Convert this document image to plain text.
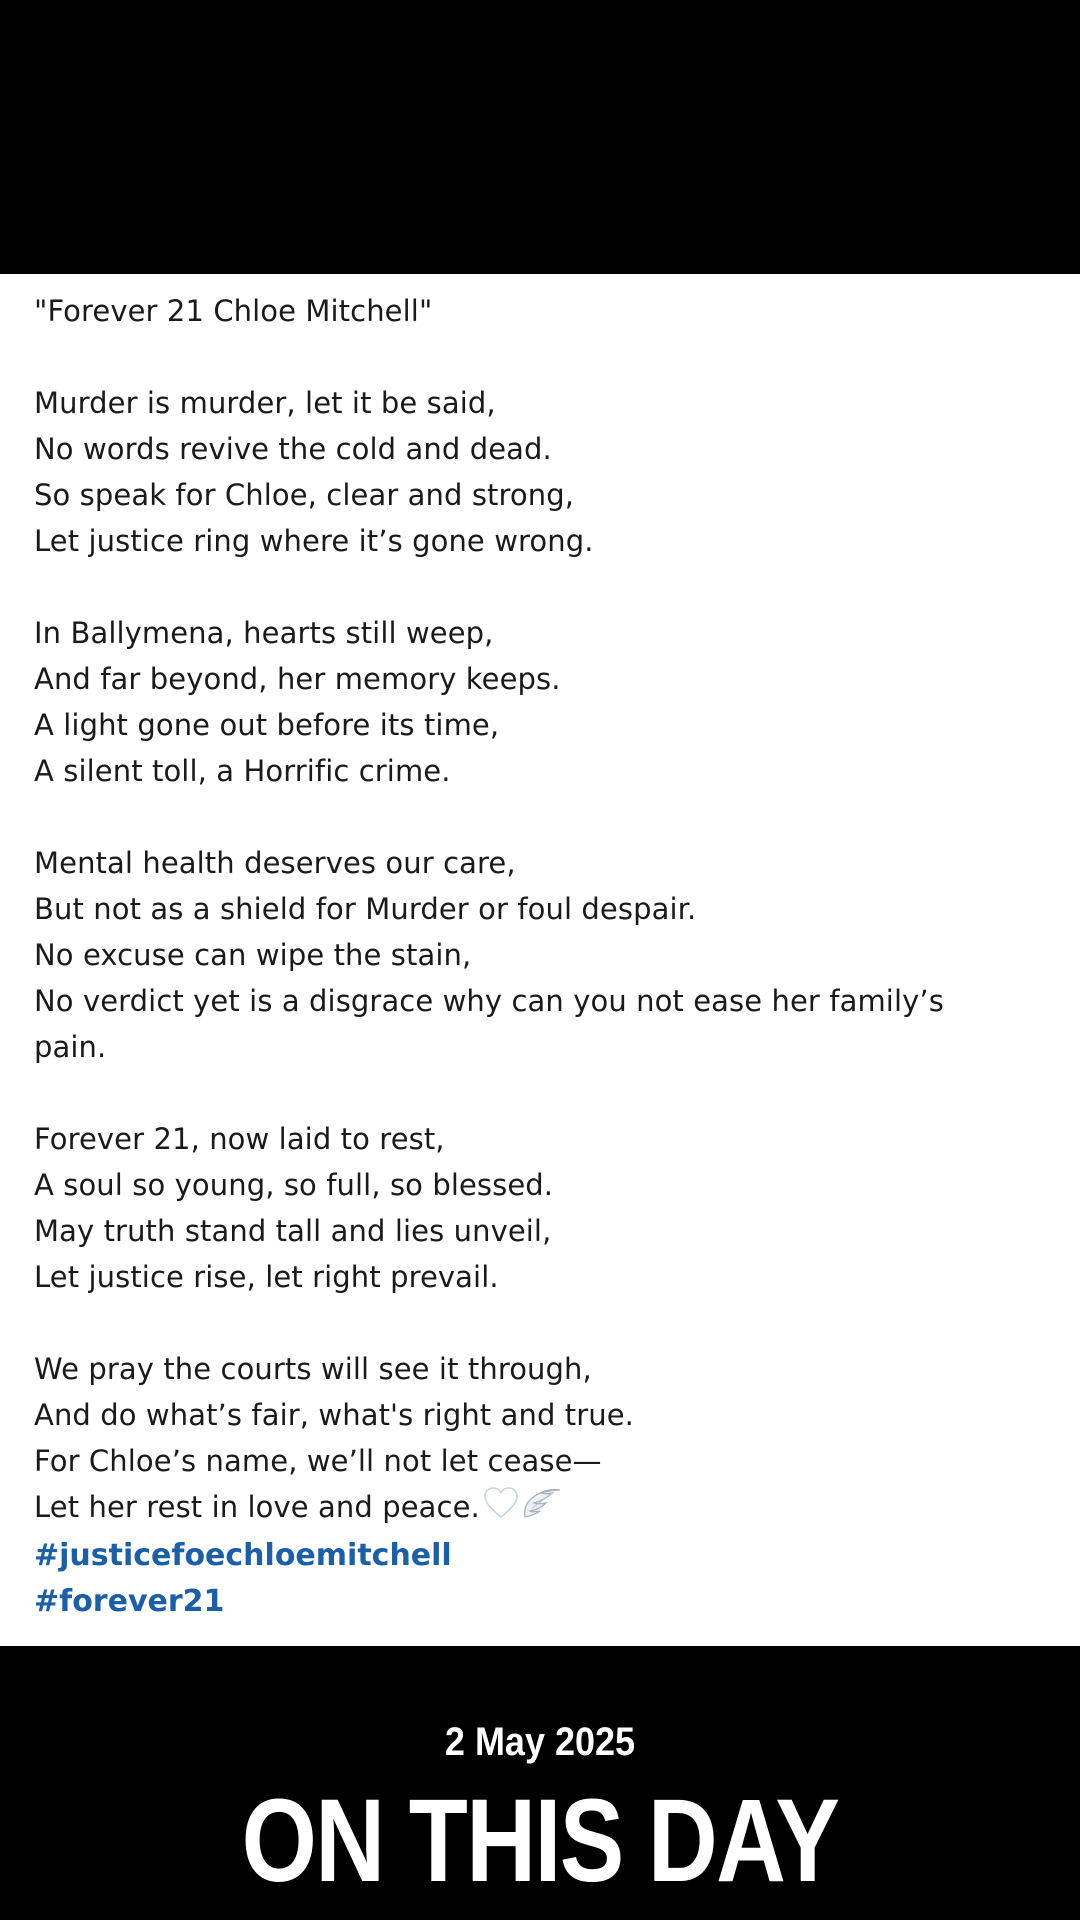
"Forever 21 Chloe Mitchell"
Murder is murder, let it be said,
No words revive the cold and dead.
So speak for Chloe, clear and strong,
Let justice ring where it’s gone wrong.
In Ballymena, hearts still weep,
And far beyond, her memory keeps.
A light gone out before its time,
A silent toll, a Horrific crime.
Mental health deserves our care,
But not as a shield for Murder or foul despair.
No excuse can wipe the stain,
No verdict yet is a disgrace why can you not ease her family’s pain.
Forever 21, now laid to rest,
A soul so young, so full, so blessed.
May truth stand tall and lies unveil,
Let justice rise, let right prevail.
We pray the courts will see it through,
And do what’s fair, what's right and true.
For Chloe’s name, we’ll not let cease—
Let her rest in love and peace.
#justicefoechloemitchell
#forever21
2 May 2025
ON THIS DAY
